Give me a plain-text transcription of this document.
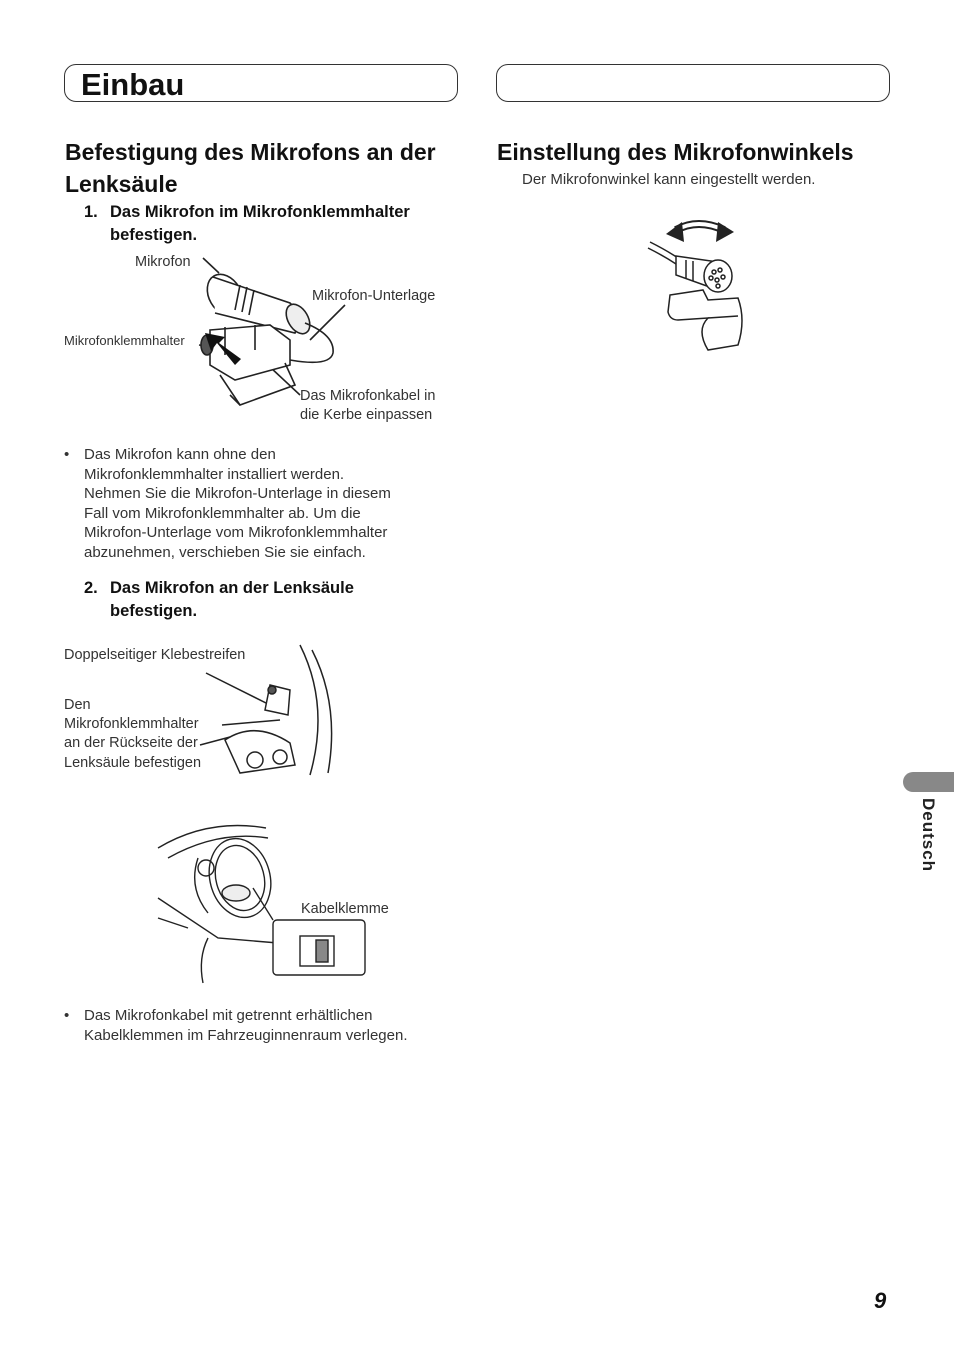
Einbau
Befestigung des Mikrofons an der Lenksäule
1. Das Mikrofon im Mikrofonklemmhalter befestigen.
Mikrofon
Mikrofon-Unterlage
Mikrofonklemmhalter
Das Mikrofonkabel in
die Kerbe einpassen
• Das Mikrofon kann ohne den
Mikrofonklemmhalter installiert werden.
Nehmen Sie die Mikrofon-Unterlage in diesem
Fall vom Mikrofonklemmhalter ab. Um die
Mikrofon-Unterlage vom Mikrofonklemmhalter
abzunehmen, verschieben Sie sie einfach.
2. Das Mikrofon an der Lenksäule befestigen.
Doppelseitiger Klebestreifen
Den
Mikrofonklemmhalter
an der Rückseite der
Lenksäule befestigen
Kabelklemme
• Das Mikrofonkabel mit getrennt erhältlichen
Kabelklemmen im Fahrzeuginnenraum verlegen.
Einstellung des Mikrofonwinkels
Der Mikrofonwinkel kann eingestellt werden.
Deutsch
9
